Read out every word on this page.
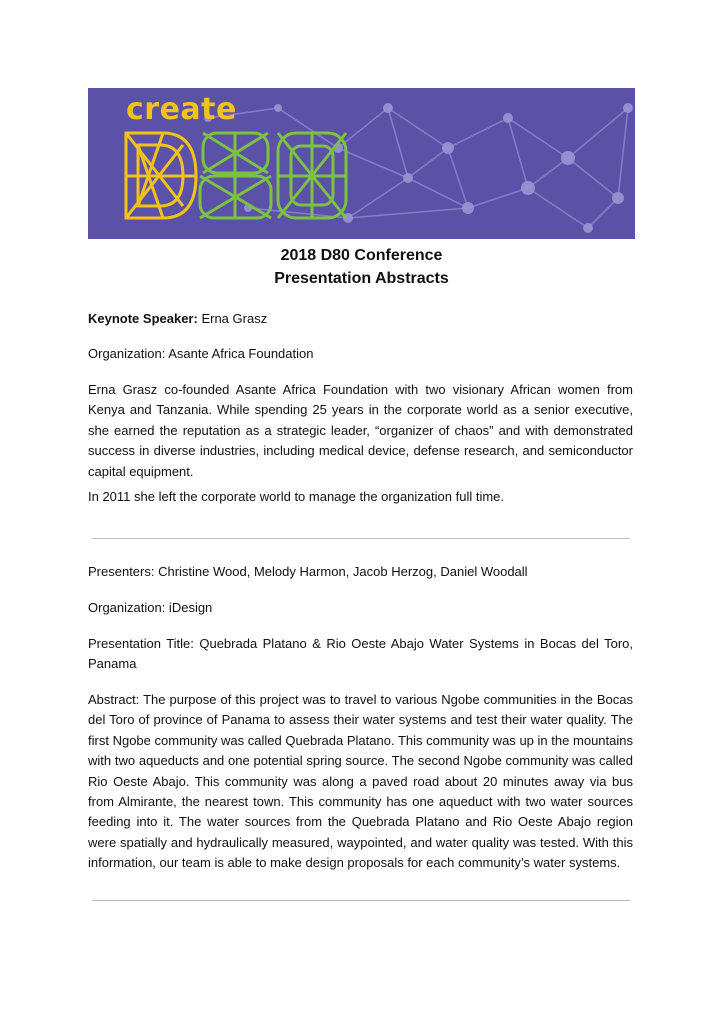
create
2018 D80 Conference
Presentation Abstracts

Keynote Speaker: Erna Grasz

Organization: Asante Africa Foundation

Erna Grasz co-founded Asante Africa Foundation with two visionary African women from Kenya and Tanzania. While spending 25 years in the corporate world as a senior executive, she earned the reputation as a strategic leader, “organizer of chaos” and with demonstrated success in diverse industries, including medical device, defense research, and semiconductor capital equipment.

In 2011 she left the corporate world to manage the organization full time.

Presenters: Christine Wood, Melody Harmon, Jacob Herzog, Daniel Woodall

Organization: iDesign

Presentation Title: Quebrada Platano & Rio Oeste Abajo Water Systems in Bocas del Toro, Panama

Abstract: The purpose of this project was to travel to various Ngobe communities in the Bocas del Toro of province of Panama to assess their water systems and test their water quality. The first Ngobe community was called Quebrada Platano. This community was up in the mountains with two aqueducts and one potential spring source. The second Ngobe community was called Rio Oeste Abajo. This community was along a paved road about 20 minutes away via bus from Almirante, the nearest town. This community has one aqueduct with two water sources feeding into it. The water sources from the Quebrada Platano and Rio Oeste Abajo region were spatially and hydraulically measured, waypointed, and water quality was tested. With this information, our team is able to make design proposals for each community’s water systems.
